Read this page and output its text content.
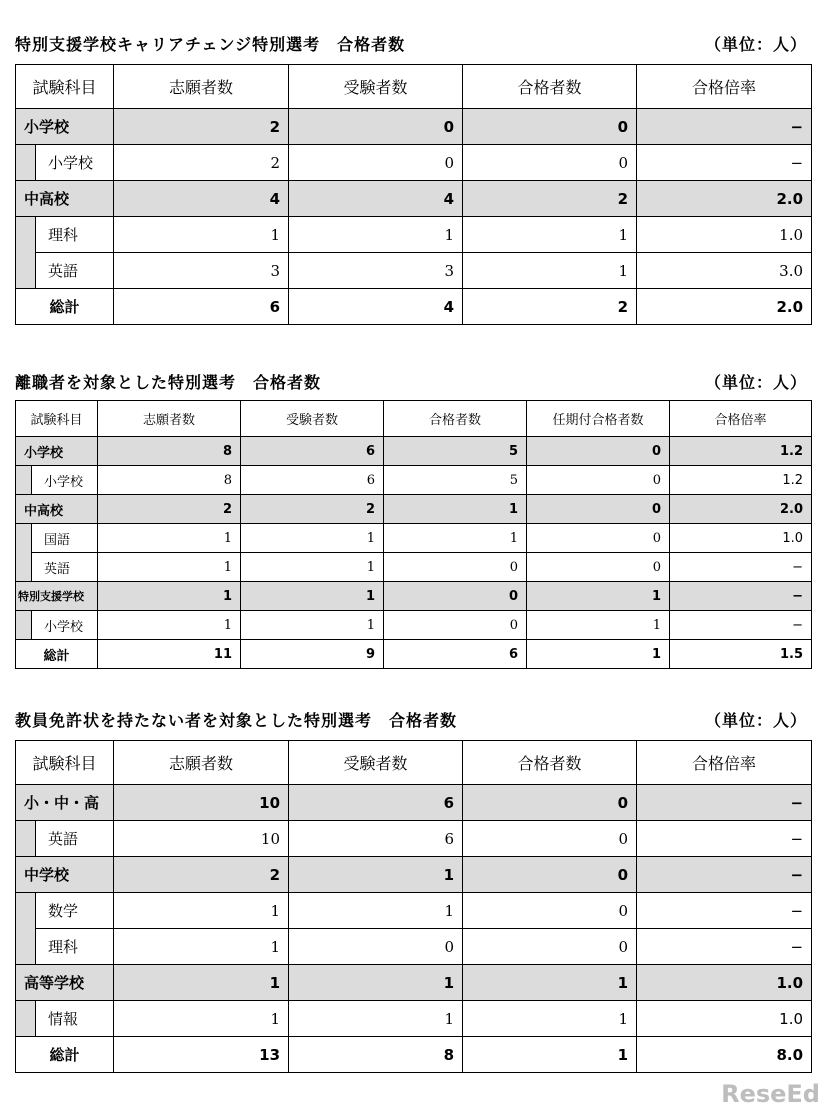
特別支援学校キャリアチェンジ特別選考　合格者数	（単位：人）
試験科目		志願者数	受験者数	合格者数	合格倍率
小学校		2	0	0	−
	小学校	2	0	0	−
中高校		4	4	2	2.0
	理科	1	1	1	1.0
	英語	3	3	1	3.0
総計		6	4	2	2.0
離職者を対象とした特別選考　合格者数	（単位：人）
試験科目		志願者数	受験者数	合格者数	任期付合格者数	合格倍率
小学校		8	6	5	0	1.2
	小学校	8	6	5	0	1.2
中高校		2	2	1	0	2.0
	国語	1	1	1	0	1.0
	英語	1	1	0	0	−
特別支援学校		1	1	0	1	−
	小学校	1	1	0	1	−
総計		11	9	6	1	1.5
教員免許状を持たない者を対象とした特別選考　合格者数	（単位：人）
試験科目		志願者数	受験者数	合格者数	合格倍率
小・中・高		10	6	0	−
	英語	10	6	0	−
中学校		2	1	0	−
	数学	1	1	0	−
	理科	1	0	0	−
高等学校		1	1	1	1.0
	情報	1	1	1	1.0
総計		13	8	1	8.0
ReseEd
